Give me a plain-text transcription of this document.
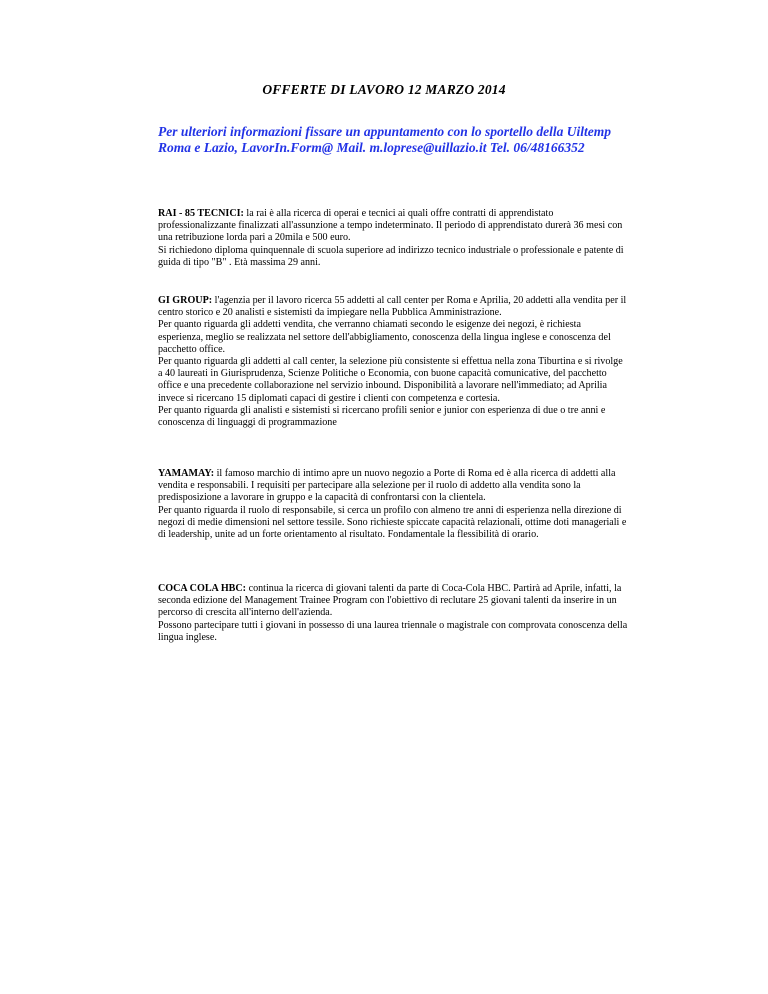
OFFERTE DI LAVORO 12 MARZO 2014
Per ulteriori informazioni fissare un appuntamento con lo sportello della Uiltemp Roma e Lazio, LavorIn.Form@ Mail. m.loprese@uillazio.it Tel. 06/48166352

RAI - 85 TECNICI: la rai è alla ricerca di operai e tecnici ai quali offre contratti di apprendistato professionalizzante finalizzati all'assunzione a tempo indeterminato. Il periodo di apprendistato durerà 36 mesi con una retribuzione lorda pari a 20mila e 500 euro.

Si richiedono diploma quinquennale di scuola superiore ad indirizzo tecnico industriale o professionale e patente di guida di tipo "B" . Età massima 29 anni.

GI GROUP: l'agenzia per il lavoro ricerca 55 addetti al call center per Roma e Aprilia, 20 addetti alla vendita per il centro storico e 20 analisti e sistemisti da impiegare nella Pubblica Amministrazione.

Per quanto riguarda gli addetti vendita, che verranno chiamati secondo le esigenze dei negozi, è richiesta esperienza, meglio se realizzata nel settore dell'abbigliamento, conoscenza della lingua inglese e conoscenza del pacchetto office.

Per quanto riguarda gli addetti al call center, la selezione più consistente si effettua nella zona Tiburtina e si rivolge a 40 laureati in Giurisprudenza, Scienze Politiche o Economia, con buone capacità comunicative, del pacchetto office e una precedente collaborazione nel servizio inbound. Disponibilità a lavorare nell'immediato; ad Aprilia invece si ricercano 15 diplomati capaci di gestire i clienti con competenza e cortesia.

Per quanto riguarda gli analisti e sistemisti si ricercano profili senior e junior con esperienza di due o tre anni e conoscenza di linguaggi di programmazione

YAMAMAY: il famoso marchio di intimo apre un nuovo negozio a Porte di Roma ed è alla ricerca di addetti alla vendita e responsabili. I requisiti per partecipare alla selezione per il ruolo di addetto alla vendita sono la predisposizione a lavorare in gruppo e la capacità di confrontarsi con la clientela.

Per quanto riguarda il ruolo di responsabile, si cerca un profilo con almeno tre anni di esperienza nella direzione di negozi di medie dimensioni nel settore tessile. Sono richieste spiccate capacità relazionali, ottime doti manageriali e di leadership, unite ad un forte orientamento al risultato. Fondamentale la flessibilità di orario.

COCA COLA HBC: continua la ricerca di giovani talenti da parte di Coca-Cola HBC. Partirà ad Aprile, infatti, la seconda edizione del Management Trainee Program con l'obiettivo di reclutare 25 giovani talenti da inserire in un percorso di crescita all'interno dell'azienda.

Possono partecipare tutti i giovani in possesso di una laurea triennale o magistrale con comprovata conoscenza della lingua inglese.
